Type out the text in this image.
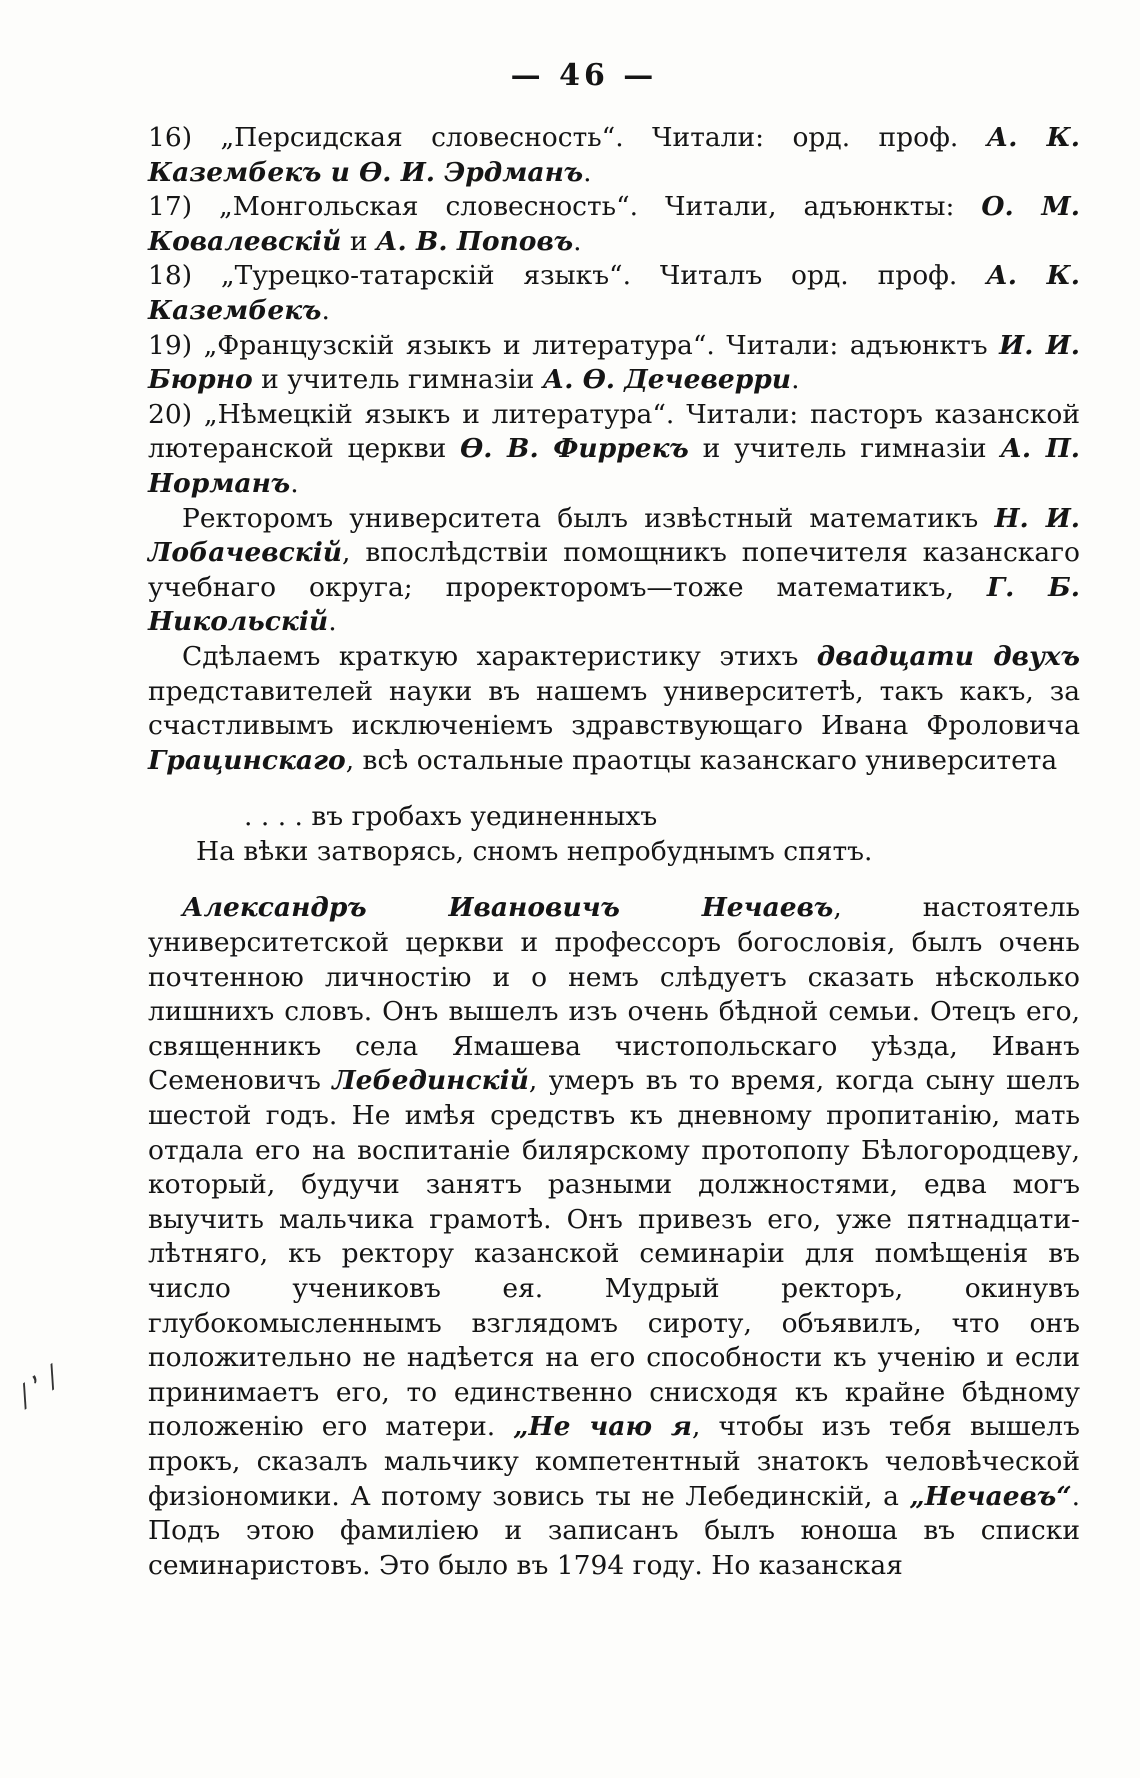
— 46 —

16) „Персидская словесность“. Читали: орд. проф. А. К. Казембекъ и Ѳ. И. Эрдманъ.

17) „Монгольская словесность“. Читали, адъюнкты: О. М. Ковалевскій и А. В. Поповъ.

18) „Турецко-татарскій языкъ“. Читалъ орд. проф. А. К. Казембекъ.

19) „Французскій языкъ и литература“. Читали: адъюнктъ И. И. Бюрно и учитель гимназіи А. Ѳ. Дечеверри.

20) „Нѣмецкій языкъ и литература“. Читали: пасторъ казанской лютеранской церкви Ѳ. В. Фиррекъ и учитель гимназіи А. П. Норманъ.

Ректоромъ университета былъ извѣстный математикъ Н. И. Лобачевскій, впослѣдствіи помощникъ попечителя казанскаго учебнаго округа; проректоромъ—тоже математикъ, Г. Б. Никольскій.

Сдѣлаемъ краткую характеристику этихъ двадцати двухъ представителей науки въ нашемъ университетѣ, такъ какъ, за счастливымъ исключеніемъ здравствующаго Ивана Фроловича Грацинскаго, всѣ остальные праотцы казанскаго университета

. . . . въ гробахъ уединенныхъ
На вѣки затворясь, сномъ непробуднымъ спятъ.

Александръ Ивановичъ Нечаевъ, настоятель университетской церкви и профессоръ богословія, былъ очень почтенною личностію и о немъ слѣдуетъ сказать нѣсколько лишнихъ словъ. Онъ вышелъ изъ очень бѣдной семьи. Отецъ его, священникъ села Ямашева чистопольскаго уѣзда, Иванъ Семеновичъ Лебединскій, умеръ въ то время, когда сыну шелъ шестой годъ. Не имѣя средствъ къ дневному пропитанію, мать отдала его на воспитаніе билярскому протопопу Бѣлогородцеву, который, будучи занятъ разными должностями, едва могъ выучить мальчика грамотѣ. Онъ привезъ его, уже пятнадцати-лѣтняго, къ ректору казанской семинаріи для помѣщенія въ число учениковъ ея. Мудрый ректоръ, окинувъ глубокомысленнымъ взглядомъ сироту, объявилъ, что онъ положительно не надѣется на его способности къ ученію и если принимаетъ его, то единственно снисходя къ крайне бѣдному положенію его матери. „Не чаю я, чтобы изъ тебя вышелъ прокъ, сказалъ мальчику компетентный знатокъ человѣческой физіономики. А потому зовись ты не Лебединскій, а „Нечаевъ“. Подъ этою фамиліею и записанъ былъ юноша въ списки семинаристовъ. Это было въ 1794 году. Но казанская

⁄ ʼ ⁄
